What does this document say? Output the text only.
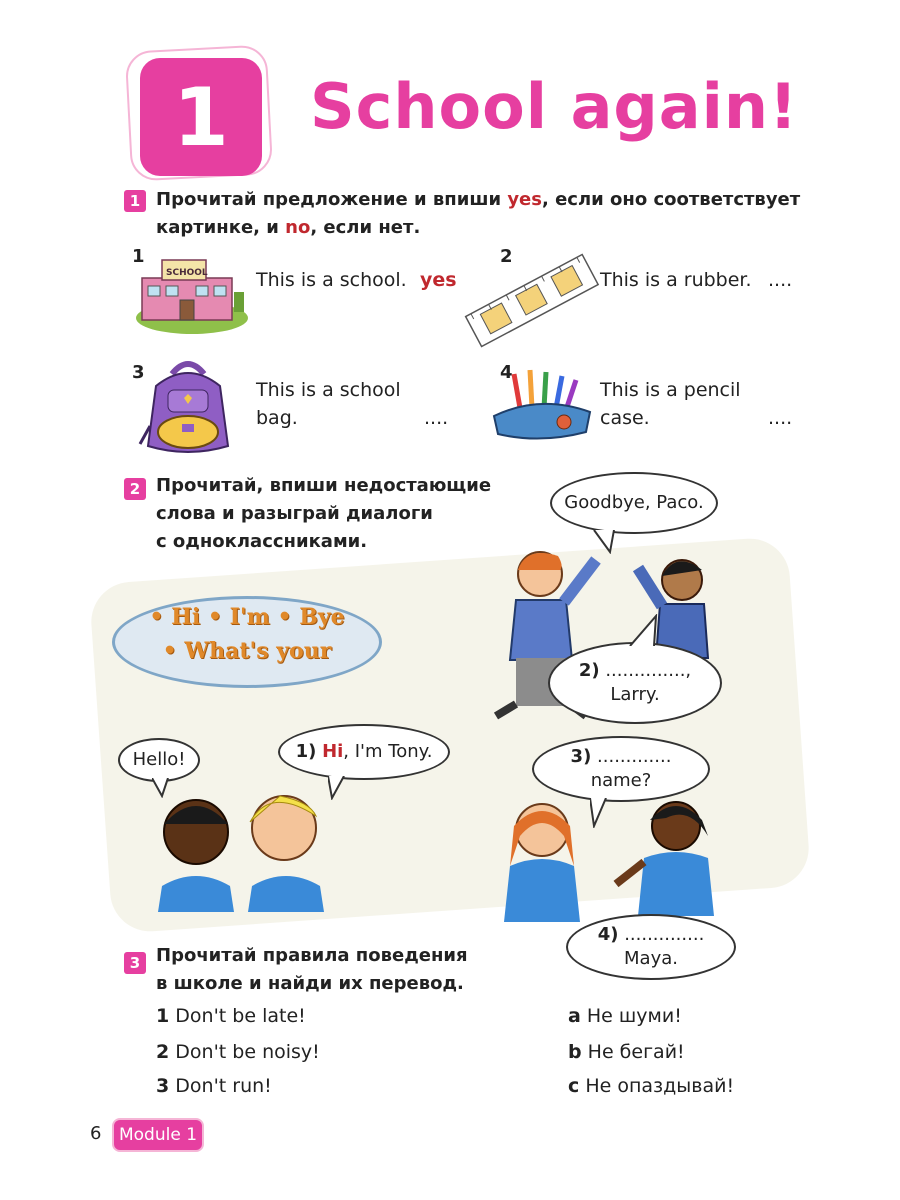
1 School again!
1 Прочитай предложение и впиши yes, если оно соответствует
картинке, и no, если нет.
1
SCHOOL	This is a school. yes
2
This is a rubber. ....
3
This is a school
bag.	....
4
This is a pencil
case.	....
2 Прочитай, впиши недостающие
слова и разыграй диалоги
с одноклассниками.
• Hi • I'm • Bye
• What's your
Goodbye, Paco.
2) ..............,
Larry.
Hello!	1) Hi, I'm Tony.	3) .............
name?
4) ..............
Maya.
3 Прочитай правила поведения
в школе и найди их перевод.
1 Don't be late!
2 Don't be noisy!
3 Don't run!
a Не шуми!
b Не бегай!
c Не опаздывай!
6	Module 1
